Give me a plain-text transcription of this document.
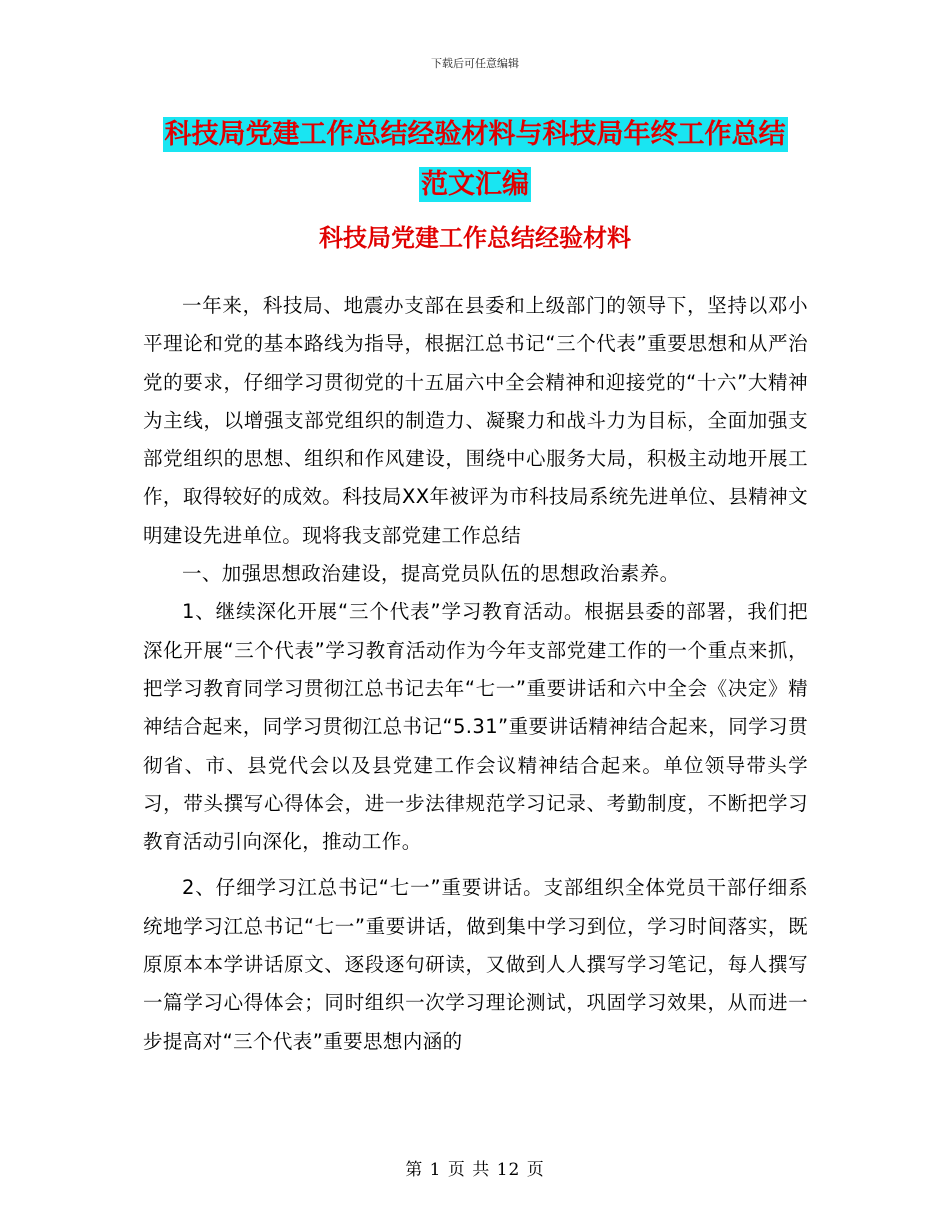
下载后可任意编辑
科技局党建工作总结经验材料与科技局年终工作总结
范文汇编
科技局党建工作总结经验材料

一年来，科技局、地震办支部在县委和上级部门的领导下，坚持以邓小平理论和党的基本路线为指导，根据江总书记“三个代表”重要思想和从严治党的要求，仔细学习贯彻党的十五届六中全会精神和迎接党的“十六”大精神为主线，以增强支部党组织的制造力、凝聚力和战斗力为目标，全面加强支部党组织的思想、组织和作风建设，围绕中心服务大局，积极主动地开展工作，取得较好的成效。科技局XX年被评为市科技局系统先进单位、县精神文明建设先进单位。现将我支部党建工作总结

一、加强思想政治建设，提高党员队伍的思想政治素养。

1、继续深化开展“三个代表”学习教育活动。根据县委的部署，我们把深化开展“三个代表”学习教育活动作为今年支部党建工作的一个重点来抓，把学习教育同学习贯彻江总书记去年“七一”重要讲话和六中全会《决定》精神结合起来，同学习贯彻江总书记“5.31”重要讲话精神结合起来，同学习贯彻省、市、县党代会以及县党建工作会议精神结合起来。单位领导带头学习，带头撰写心得体会，进一步法律规范学习记录、考勤制度，不断把学习教育活动引向深化，推动工作。

2、仔细学习江总书记“七一”重要讲话。支部组织全体党员干部仔细系统地学习江总书记“七一”重要讲话，做到集中学习到位，学习时间落实，既原原本本学讲话原文、逐段逐句研读，又做到人人撰写学习笔记，每人撰写一篇学习心得体会；同时组织一次学习理论测试，巩固学习效果，从而进一步提高对“三个代表”重要思想内涵的

第 1 页 共 12 页
